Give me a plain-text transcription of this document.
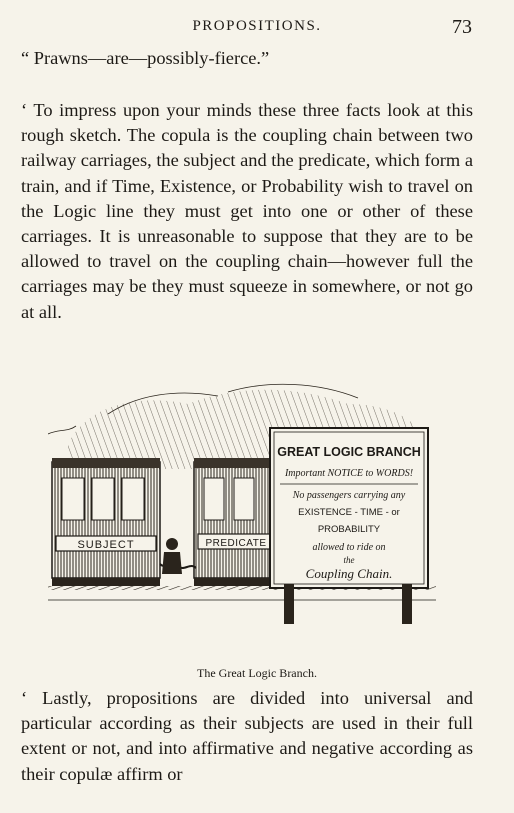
PROPOSITIONS.	73

“ Prawns—are—possibly-fierce.”

‘ To impress upon your minds these three facts look at this rough sketch. The copula is the coupling chain between two railway carriages, the subject and the predicate, which form a train, and if Time, Existence, or Probability wish to travel on the Logic line they must get into one or other of these carriages. It is unreasonable to suppose that they are to be allowed to travel on the coupling chain—however full the carriages may be they must squeeze in somewhere, or not go at all.

SUBJECT	PREDICATE
GREAT LOGIC BRANCH
Important NOTICE to WORDS!
No passengers carrying any
EXISTENCE - TIME - or
PROBABILITY
allowed to ride on
the
Coupling Chain.
The Great Logic Branch.

‘ Lastly, propositions are divided into universal and particular according as their subjects are used in their full extent or not, and into affirmative and negative according as their copulæ affirm or
